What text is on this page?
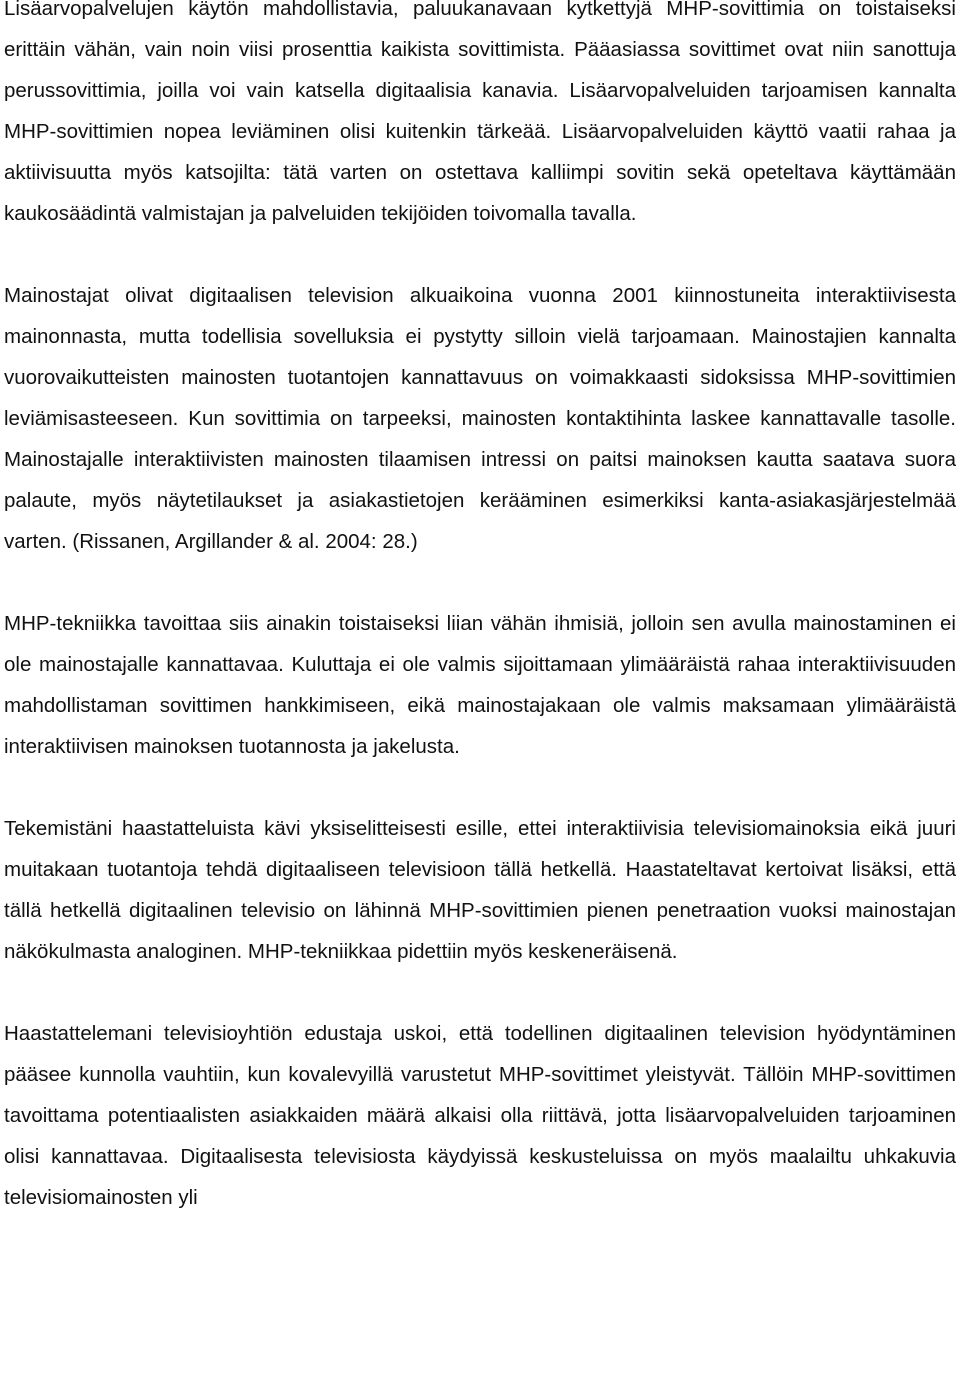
Lisäarvopalvelujen käytön mahdollistavia, paluukanavaan kytkettyjä MHP-sovittimia on toistaiseksi erittäin vähän, vain noin viisi prosenttia kaikista sovittimista. Pääasiassa sovittimet ovat niin sanottuja perussovittimia, joilla voi vain katsella digitaalisia kanavia. Lisäarvopalveluiden tarjoamisen kannalta MHP-sovittimien nopea leviäminen olisi kuitenkin tärkeää. Lisäarvopalveluiden käyttö vaatii rahaa ja aktiivisuutta myös katsojilta: tätä varten on ostettava kalliimpi sovitin sekä opeteltava käyttämään kaukosäädintä valmistajan ja palveluiden tekijöiden toivomalla tavalla.

Mainostajat olivat digitaalisen television alkuaikoina vuonna 2001 kiinnostuneita interaktiivisesta mainonnasta, mutta todellisia sovelluksia ei pystytty silloin vielä tarjoamaan. Mainostajien kannalta vuorovaikutteisten mainosten tuotantojen kannattavuus on voimakkaasti sidoksissa MHP-sovittimien leviämisasteeseen. Kun sovittimia on tarpeeksi, mainosten kontaktihinta laskee kannattavalle tasolle. Mainostajalle interaktiivisten mainosten tilaamisen intressi on paitsi mainoksen kautta saatava suora palaute, myös näytetilaukset ja asiakastietojen kerääminen esimerkiksi kanta-asiakasjärjestelmää varten. (Rissanen, Argillander & al. 2004: 28.)

MHP-tekniikka tavoittaa siis ainakin toistaiseksi liian vähän ihmisiä, jolloin sen avulla mainostaminen ei ole mainostajalle kannattavaa. Kuluttaja ei ole valmis sijoittamaan ylimääräistä rahaa interaktiivisuuden mahdollistaman sovittimen hankkimiseen, eikä mainostajakaan ole valmis maksamaan ylimääräistä interaktiivisen mainoksen tuotannosta ja jakelusta.

Tekemistäni haastatteluista kävi yksiselitteisesti esille, ettei interaktiivisia televisiomainoksia eikä juuri muitakaan tuotantoja tehdä digitaaliseen televisioon tällä hetkellä. Haastateltavat kertoivat lisäksi, että tällä hetkellä digitaalinen televisio on lähinnä MHP-sovittimien pienen penetraation vuoksi mainostajan näkökulmasta analoginen. MHP-tekniikkaa pidettiin myös keskeneräisenä.

Haastattelemani televisioyhtiön edustaja uskoi, että todellinen digitaalinen television hyödyntäminen pääsee kunnolla vauhtiin, kun kovalevyillä varustetut MHP-sovittimet yleistyvät. Tällöin MHP-sovittimen tavoittama potentiaalisten asiakkaiden määrä alkaisi olla riittävä, jotta lisäarvopalveluiden tarjoaminen olisi kannattavaa. Digitaalisesta televisiosta käydyissä keskusteluissa on myös maalailtu uhkakuvia televisiomainosten yli
